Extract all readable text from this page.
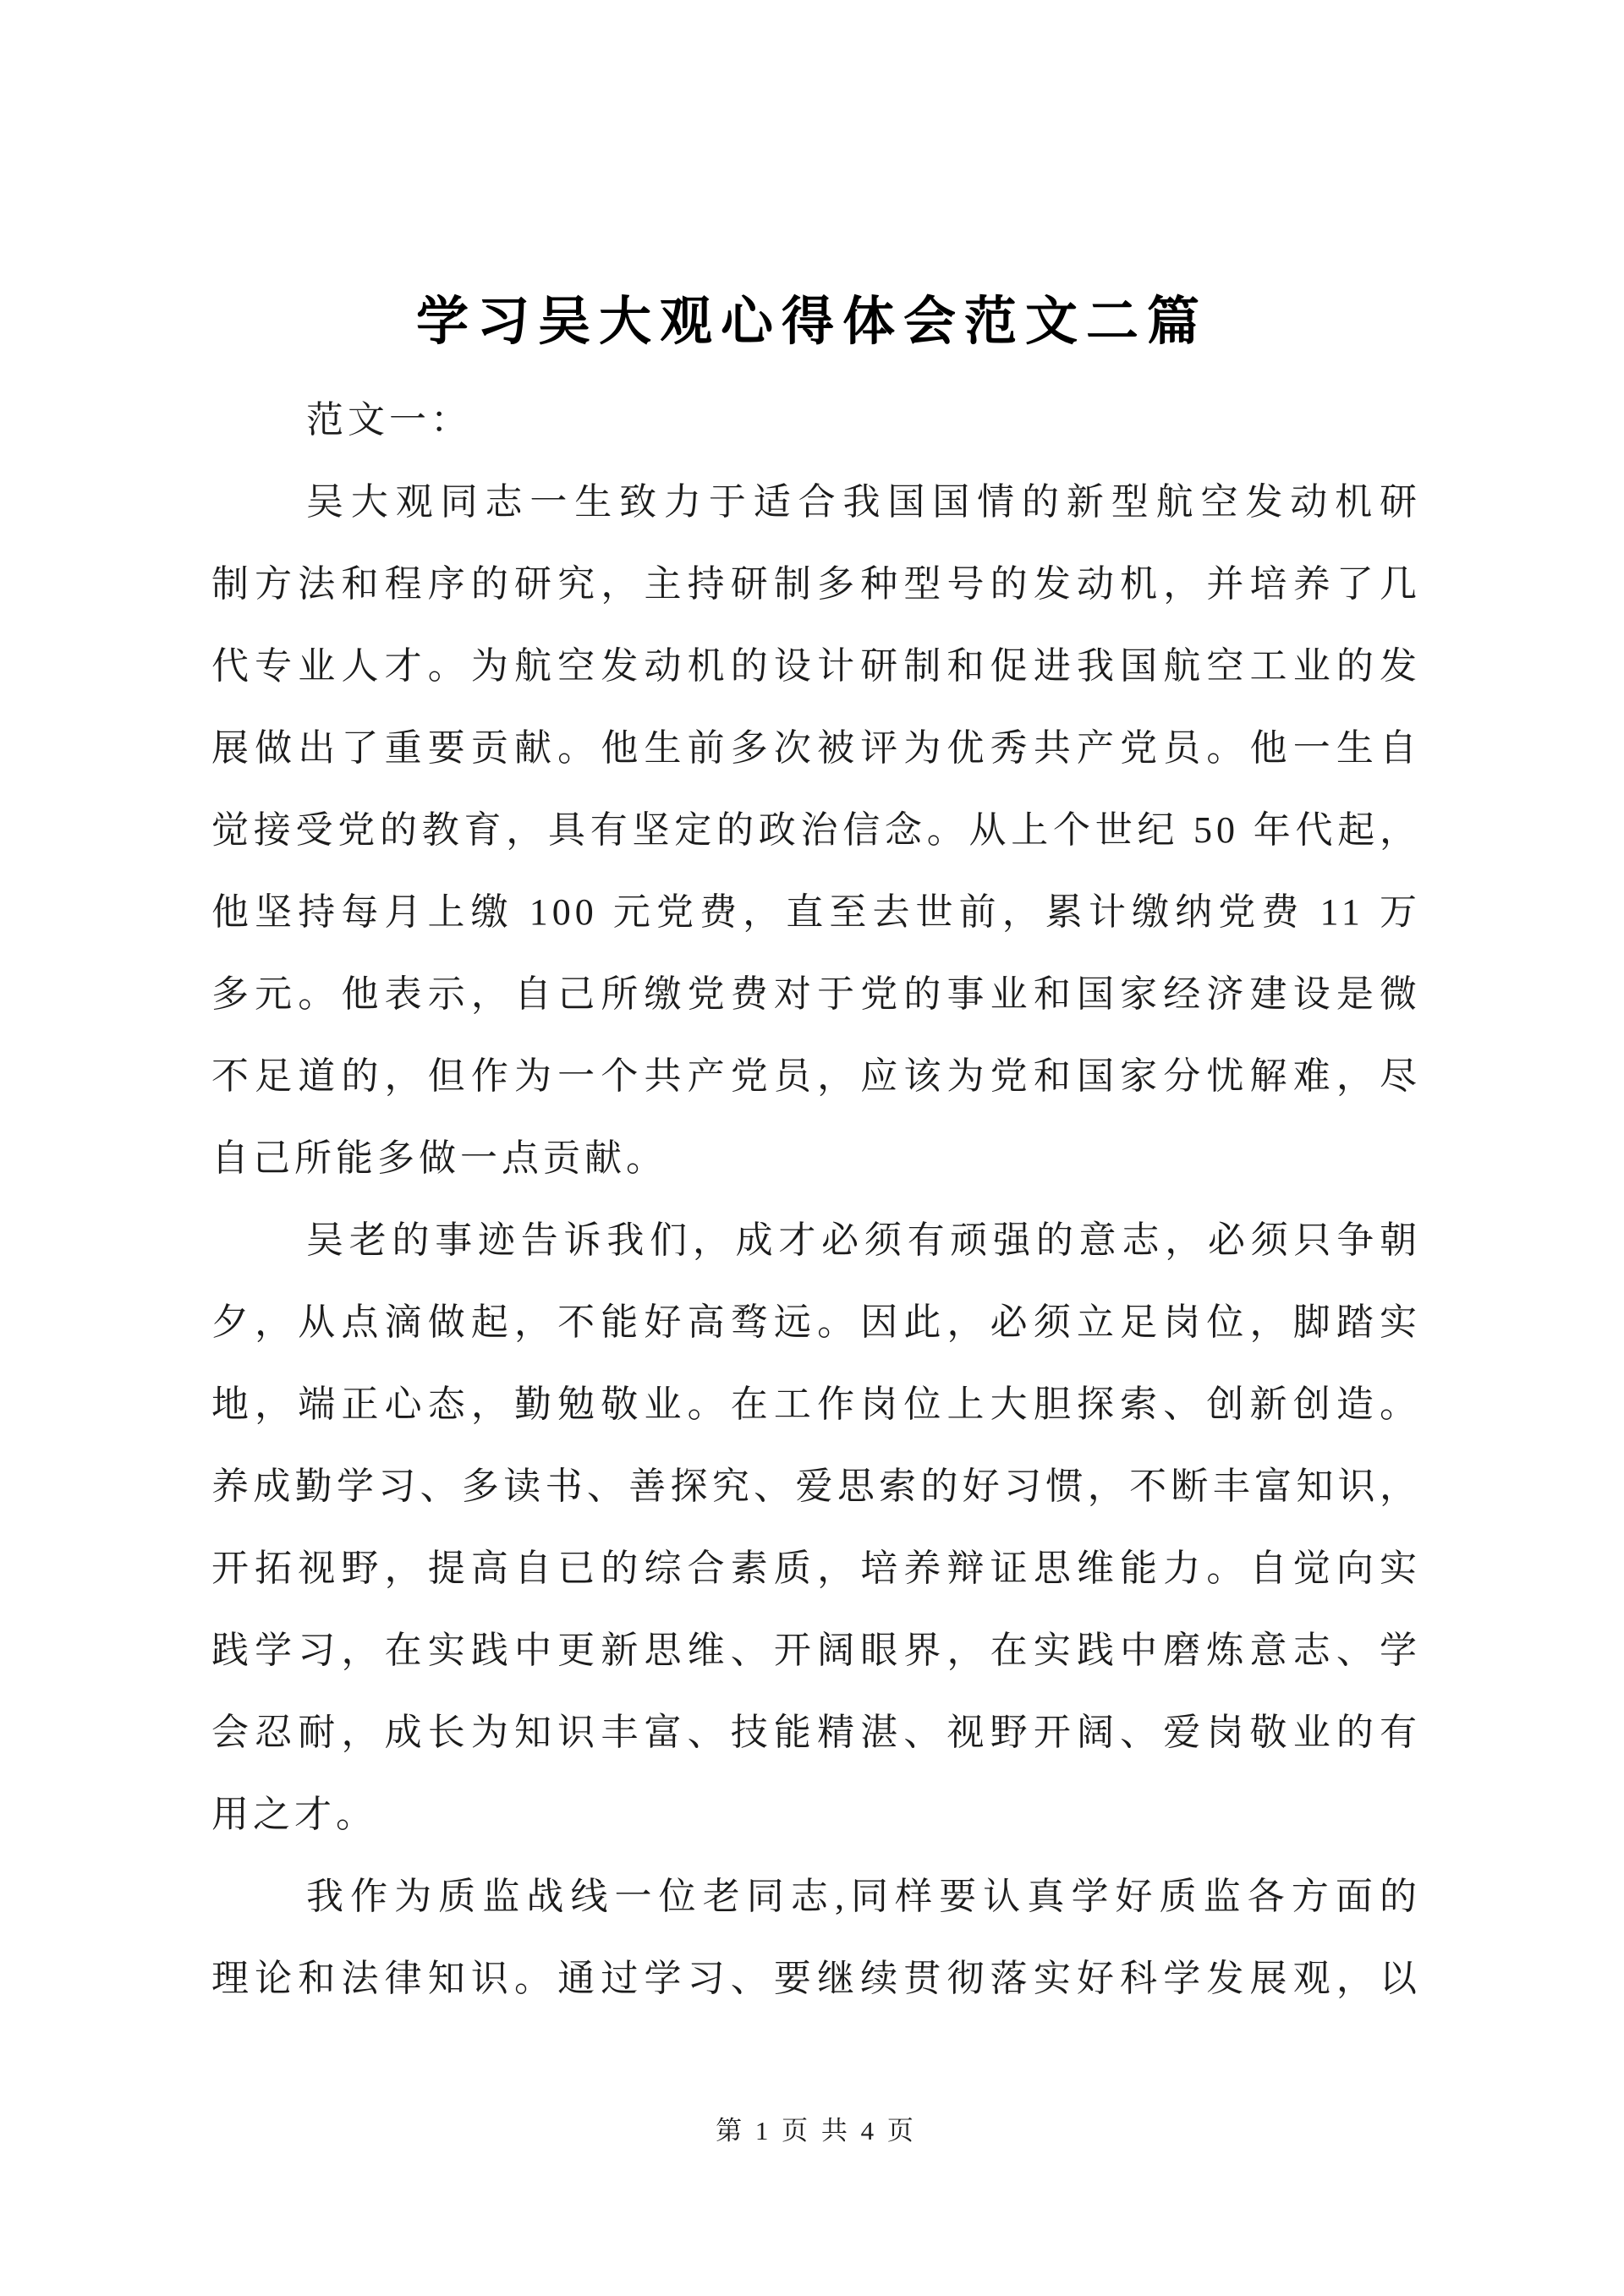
学习吴大观心得体会范文二篇
范文一：
吴大观同志一生致力于适合我国国情的新型航空发动机研
制方法和程序的研究，主持研制多种型号的发动机，并培养了几
代专业人才。为航空发动机的设计研制和促进我国航空工业的发
展做出了重要贡献。他生前多次被评为优秀共产党员。他一生自
觉接受党的教育，具有坚定的政治信念。从上个世纪 50 年代起，
他坚持每月上缴 100 元党费，直至去世前，累计缴纳党费 11 万
多元。他表示，自己所缴党费对于党的事业和国家经济建设是微
不足道的，但作为一个共产党员，应该为党和国家分忧解难，尽
自己所能多做一点贡献。
吴老的事迹告诉我们，成才必须有顽强的意志，必须只争朝
夕，从点滴做起，不能好高骛远。因此，必须立足岗位，脚踏实
地，端正心态，勤勉敬业。在工作岗位上大胆探索、创新创造。
养成勤学习、多读书、善探究、爱思索的好习惯，不断丰富知识，
开拓视野，提高自已的综合素质，培养辩证思维能力。自觉向实
践学习，在实践中更新思维、开阔眼界，在实践中磨炼意志、学
会忍耐，成长为知识丰富、技能精湛、视野开阔、爱岗敬业的有
用之才。
我作为质监战线一位老同志,同样要认真学好质监各方面的
理论和法律知识。通过学习、要继续贯彻落实好科学发展观，以
第 1 页 共 4 页
